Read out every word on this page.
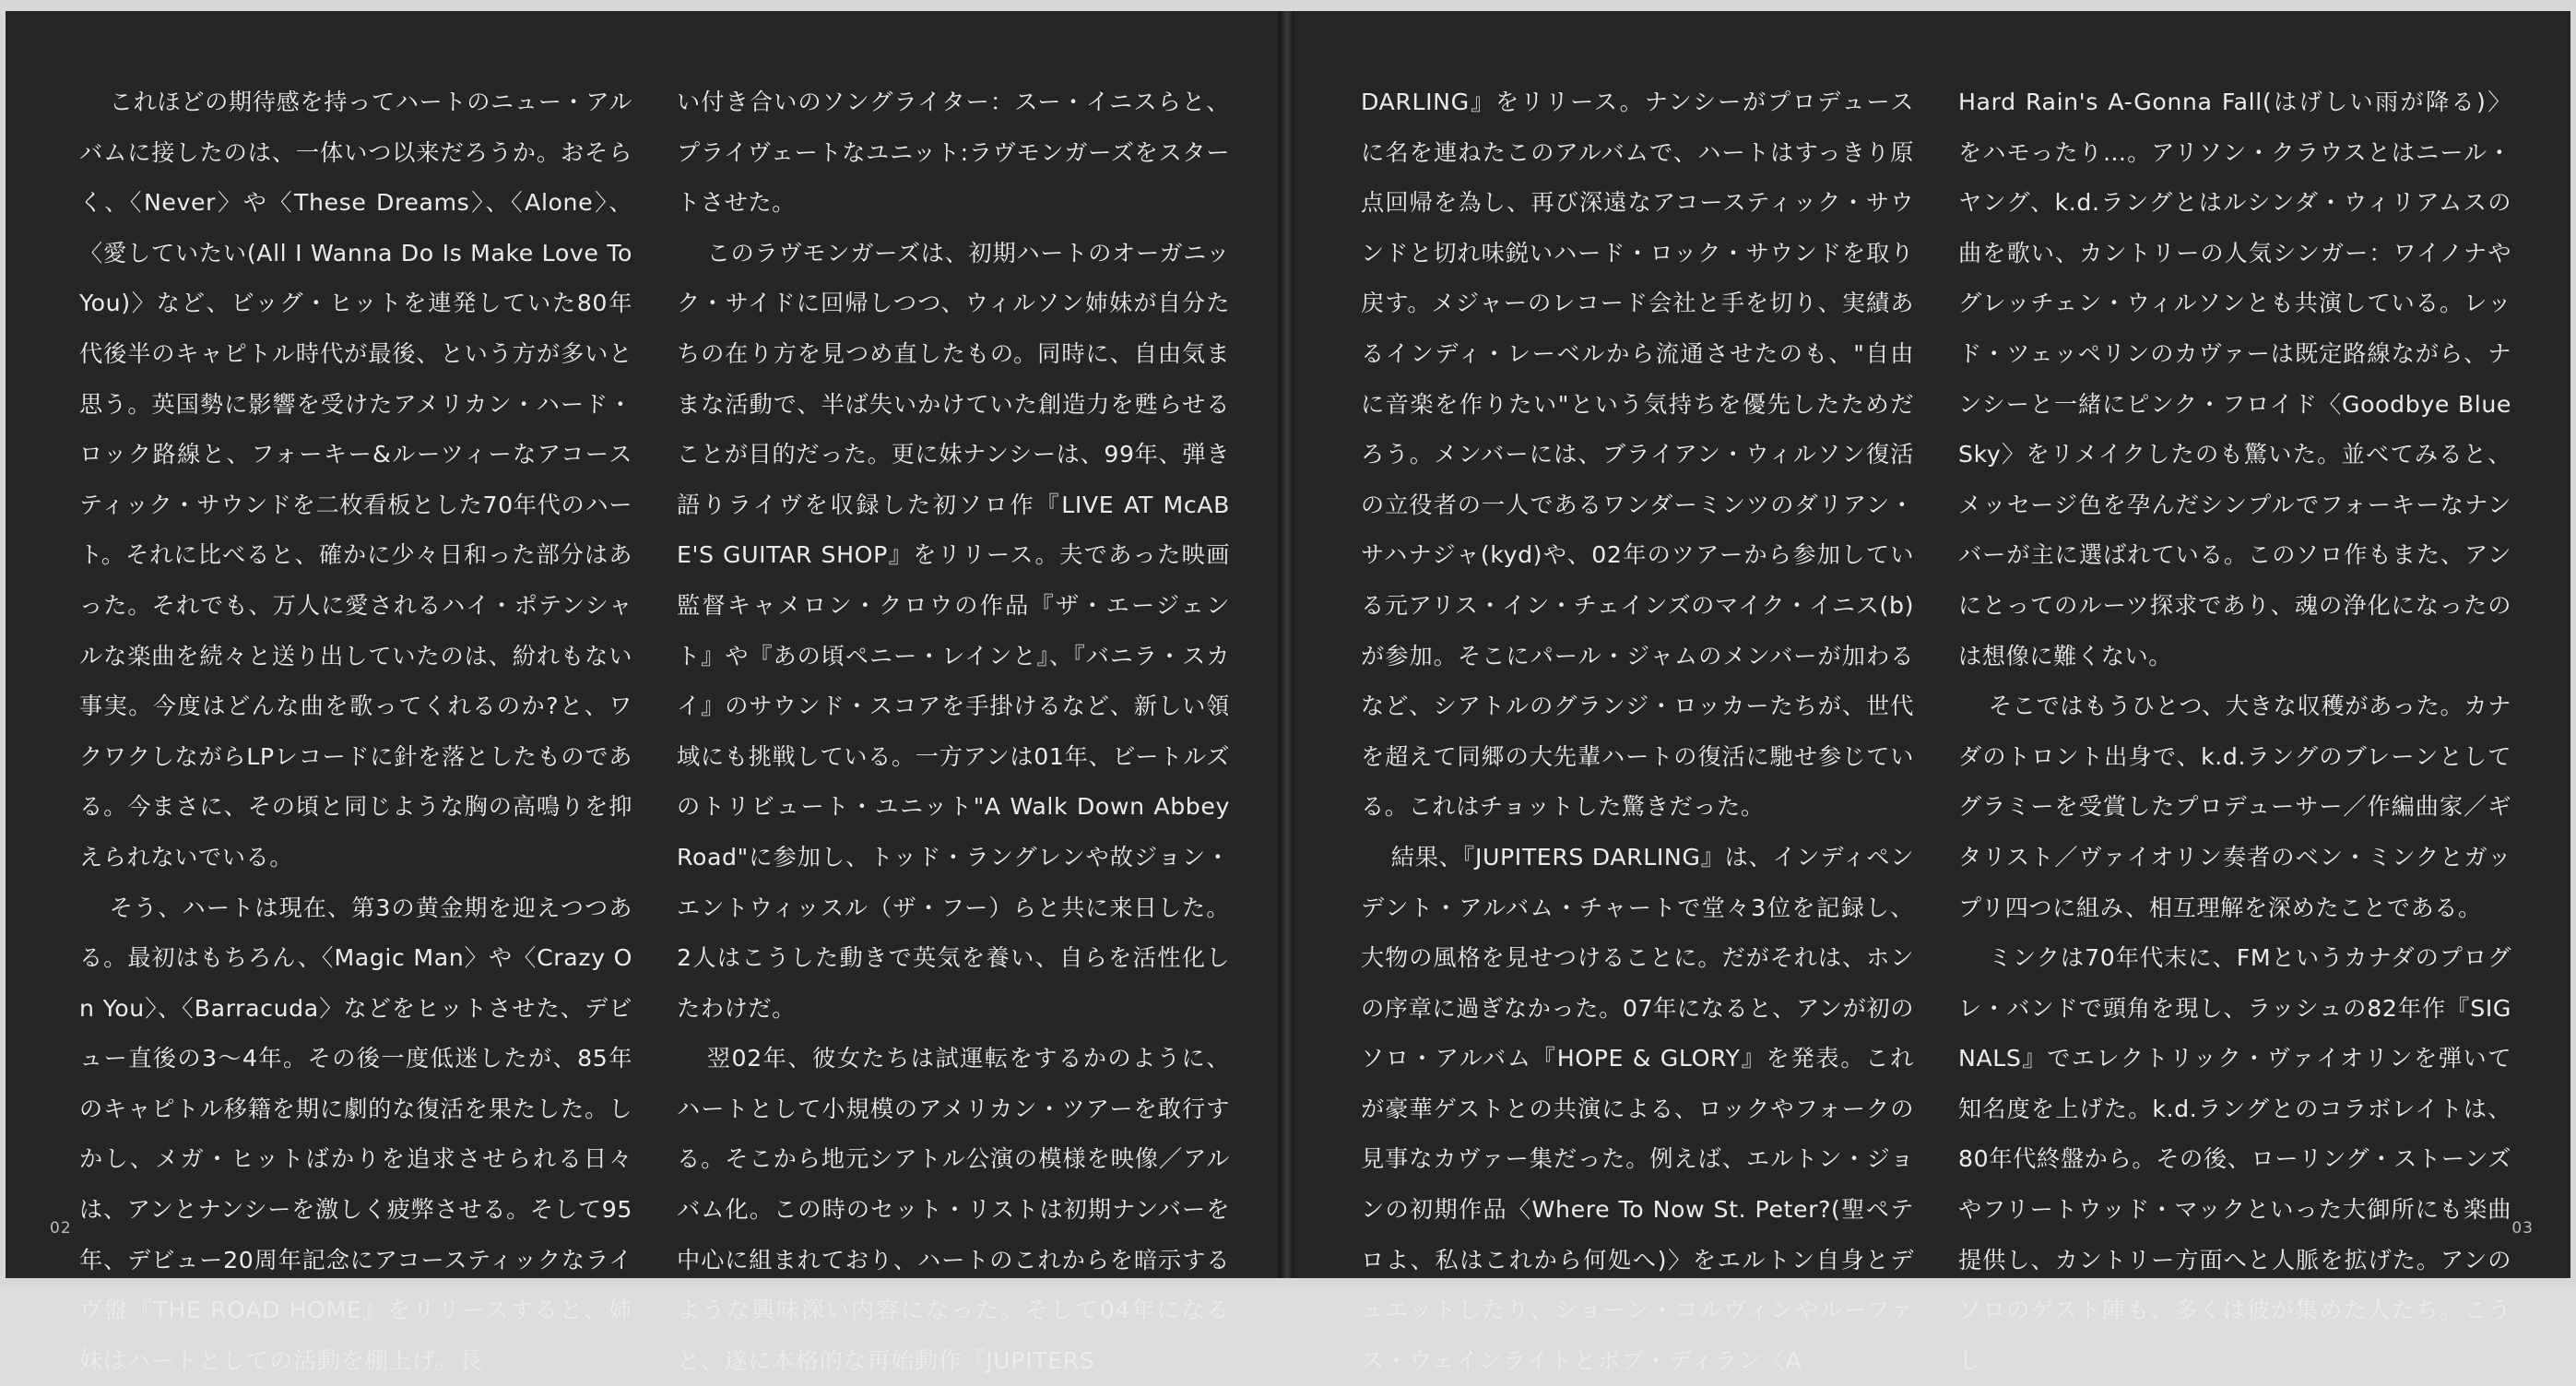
これほどの期待感を持ってハートのニュー・アルバムに接したのは、一体いつ以来だろうか。おそらく、〈Never〉や〈These Dreams〉、〈Alone〉、〈愛していたい(All I Wanna Do Is Make Love To You)〉など、ビッグ・ヒットを連発していた80年代後半のキャピトル時代が最後、という方が多いと思う。英国勢に影響を受けたアメリカン・ハード・ロック路線と、フォーキー&ルーツィーなアコースティック・サウンドを二枚看板とした70年代のハート。それに比べると、確かに少々日和った部分はあった。それでも、万人に愛されるハイ・ポテンシャルな楽曲を続々と送り出していたのは、紛れもない事実。今度はどんな曲を歌ってくれるのか?と、ワクワクしながらLPレコードに針を落としたものである。今まさに、その頃と同じような胸の高鳴りを抑えられないでいる。

そう、ハートは現在、第3の黄金期を迎えつつある。最初はもちろん、〈Magic Man〉や〈Crazy On You〉、〈Barracuda〉などをヒットさせた、デビュー直後の3～4年。その後一度低迷したが、85年のキャピトル移籍を期に劇的な復活を果たした。しかし、メガ・ヒットばかりを追求させられる日々は、アンとナンシーを激しく疲弊させる。そして95年、デビュー20周年記念にアコースティックなライヴ盤『THE ROAD HOME』をリリースすると、姉妹はハートとしての活動を棚上げ。長

い付き合いのソングライター：スー・イニスらと、プライヴェートなユニット:ラヴモンガーズをスタートさせた。

このラヴモンガーズは、初期ハートのオーガニック・サイドに回帰しつつ、ウィルソン姉妹が自分たちの在り方を見つめ直したもの。同時に、自由気ままな活動で、半ば失いかけていた創造力を甦らせることが目的だった。更に妹ナンシーは、99年、弾き語りライヴを収録した初ソロ作『LIVE AT McABE'S GUITAR SHOP』をリリース。夫であった映画監督キャメロン・クロウの作品『ザ・エージェント』や『あの頃ペニー・レインと』、『バニラ・スカイ』のサウンド・スコアを手掛けるなど、新しい領域にも挑戦している。一方アンは01年、ビートルズのトリビュート・ユニット"A Walk Down Abbey Road"に参加し、トッド・ラングレンや故ジョン・エントウィッスル（ザ・フー）らと共に来日した。2人はこうした動きで英気を養い、自らを活性化したわけだ。

翌02年、彼女たちは試運転をするかのように、ハートとして小規模のアメリカン・ツアーを敢行する。そこから地元シアトル公演の模様を映像／アルバム化。この時のセット・リストは初期ナンバーを中心に組まれており、ハートのこれからを暗示するような興味深い内容になった。そして04年になると、遂に本格的な再始動作『JUPITERS

02

DARLING』をリリース。ナンシーがプロデュースに名を連ねたこのアルバムで、ハートはすっきり原点回帰を為し、再び深遠なアコースティック・サウンドと切れ味鋭いハード・ロック・サウンドを取り戻す。メジャーのレコード会社と手を切り、実績あるインディ・レーベルから流通させたのも、"自由に音楽を作りたい"という気持ちを優先したためだろう。メンバーには、ブライアン・ウィルソン復活の立役者の一人であるワンダーミンツのダリアン・サハナジャ(kyd)や、02年のツアーから参加している元アリス・イン・チェインズのマイク・イニス(b)が参加。そこにパール・ジャムのメンバーが加わるなど、シアトルのグランジ・ロッカーたちが、世代を超えて同郷の大先輩ハートの復活に馳せ参じている。これはチョットした驚きだった。

結果、『JUPITERS DARLING』は、インディペンデント・アルバム・チャートで堂々3位を記録し、大物の風格を見せつけることに。だがそれは、ホンの序章に過ぎなかった。07年になると、アンが初のソロ・アルバム『HOPE & GLORY』を発表。これが豪華ゲストとの共演による、ロックやフォークの見事なカヴァー集だった。例えば、エルトン・ジョンの初期作品〈Where To Now St. Peter?(聖ペテロよ、私はこれから何処へ)〉をエルトン自身とデュエットしたり、ショーン・コルヴィンやルーファス・ウェインライトとボブ・ディラン〈A

Hard Rain's A-Gonna Fall(はげしい雨が降る)〉をハモったり…。アリソン・クラウスとはニール・ヤング、k.d.ラングとはルシンダ・ウィリアムスの曲を歌い、カントリーの人気シンガー：ワイノナやグレッチェン・ウィルソンとも共演している。レッド・ツェッペリンのカヴァーは既定路線ながら、ナンシーと一緒にピンク・フロイド〈Goodbye Blue Sky〉をリメイクしたのも驚いた。並べてみると、メッセージ色を孕んだシンプルでフォーキーなナンバーが主に選ばれている。このソロ作もまた、アンにとってのルーツ探求であり、魂の浄化になったのは想像に難くない。

そこではもうひとつ、大きな収穫があった。カナダのトロント出身で、k.d.ラングのブレーンとしてグラミーを受賞したプロデューサー／作編曲家／ギタリスト／ヴァイオリン奏者のベン・ミンクとガップリ四つに組み、相互理解を深めたことである。

ミンクは70年代末に、FMというカナダのプログレ・バンドで頭角を現し、ラッシュの82年作『SIGNALS』でエレクトリック・ヴァイオリンを弾いて知名度を上げた。k.d.ラングとのコラボレイトは、80年代終盤から。その後、ローリング・ストーンズやフリートウッド・マックといった大御所にも楽曲提供し、カントリー方面へと人脈を拡げた。アンのソロのゲスト陣も、多くは彼が集めた人たち。こうし

03
